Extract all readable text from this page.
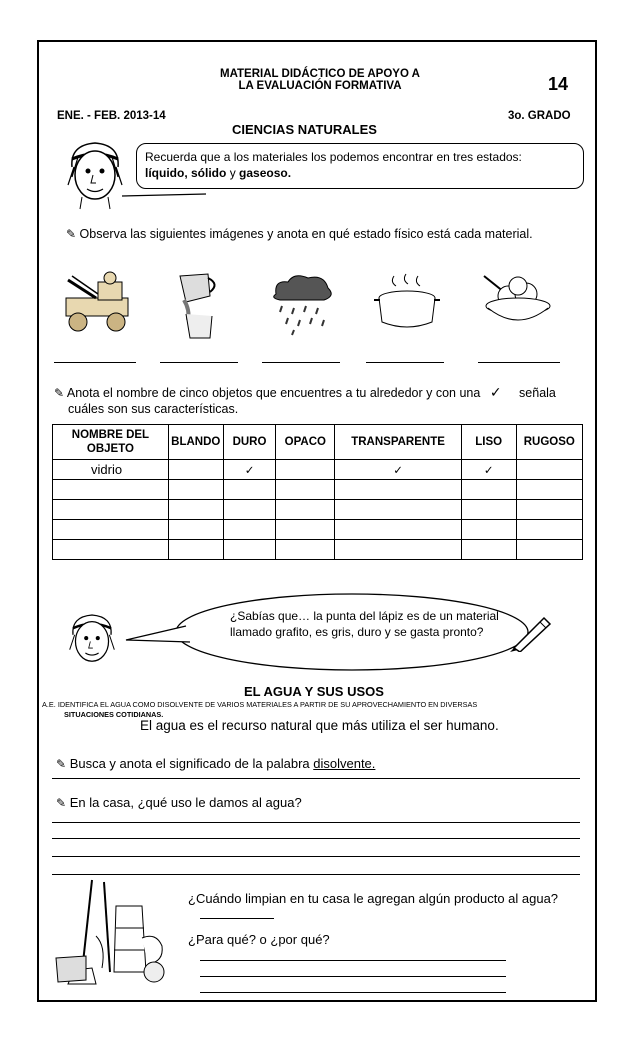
MATERIAL DIDÁCTICO DE APOYO A
LA EVALUACIÓN FORMATIVA	14
ENE. - FEB. 2013-14	3o. GRADO
CIENCIAS NATURALES
Recuerda que a los materiales los podemos encontrar en tres estados:
líquido, sólido y gaseoso.
✎ Observa las siguientes imágenes y anota en qué estado físico está cada material.
✎ Anota el nombre de cinco objetos que encuentres a tu alrededor y con una ✓ señala
cuáles son sus características.
NOMBRE DEL OBJETO	BLANDO	DURO	OPACO	TRANSPARENTE	LISO	RUGOSO
vidrio		✓		✓	✓	

¿Sabías que… la punta del lápiz es de un material
llamado grafito, es gris, duro y se gasta pronto?
EL AGUA Y SUS USOS
A.E. IDENTIFICA EL AGUA COMO DISOLVENTE DE VARIOS MATERIALES A PARTIR DE SU APROVECHAMIENTO EN DIVERSAS
SITUACIONES COTIDIANAS.
El agua es el recurso natural que más utiliza el ser humano.
✎ Busca y anota el significado de la palabra disolvente.
✎ En la casa, ¿qué uso le damos al agua?
¿Cuándo limpian en tu casa le agregan algún producto al agua?
¿Para qué? o ¿por qué?
